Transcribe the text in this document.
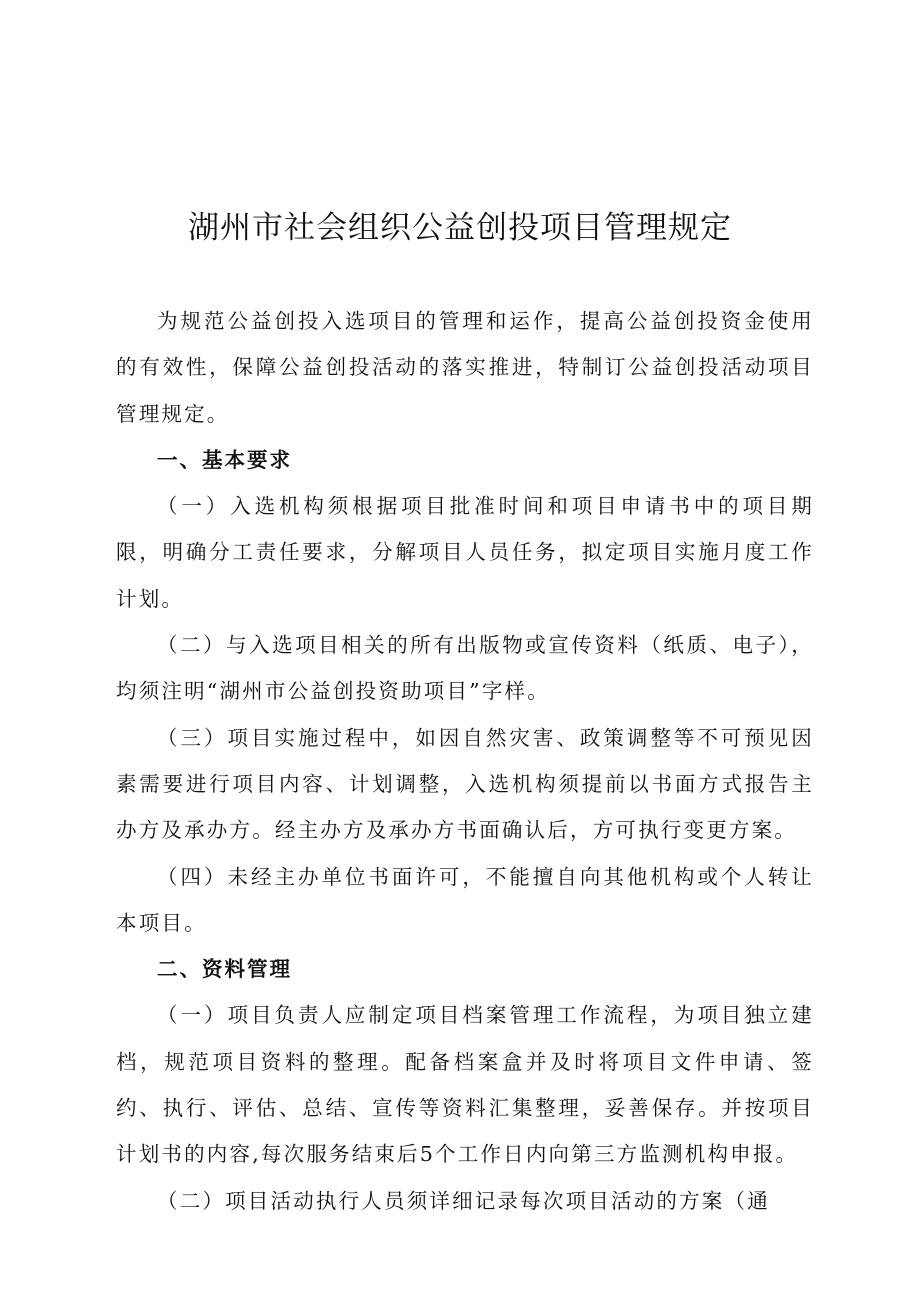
湖州市社会组织公益创投项目管理规定

为规范公益创投入选项目的管理和运作，提高公益创投资金使用的有效性，保障公益创投活动的落实推进，特制订公益创投活动项目管理规定。

一、基本要求

（一）入选机构须根据项目批准时间和项目申请书中的项目期限，明确分工责任要求，分解项目人员任务，拟定项目实施月度工作计划。

（二）与入选项目相关的所有出版物或宣传资料（纸质、电子），均须注明“湖州市公益创投资助项目”字样。

（三）项目实施过程中，如因自然灾害、政策调整等不可预见因素需要进行项目内容、计划调整，入选机构须提前以书面方式报告主办方及承办方。经主办方及承办方书面确认后，方可执行变更方案。

（四）未经主办单位书面许可，不能擅自向其他机构或个人转让本项目。

二、资料管理

（一）项目负责人应制定项目档案管理工作流程，为项目独立建档，规范项目资料的整理。配备档案盒并及时将项目文件申请、签约、执行、评估、总结、宣传等资料汇集整理，妥善保存。并按项目计划书的内容,每次服务结束后5个工作日内向第三方监测机构申报。

（二）项目活动执行人员须详细记录每次项目活动的方案（通
